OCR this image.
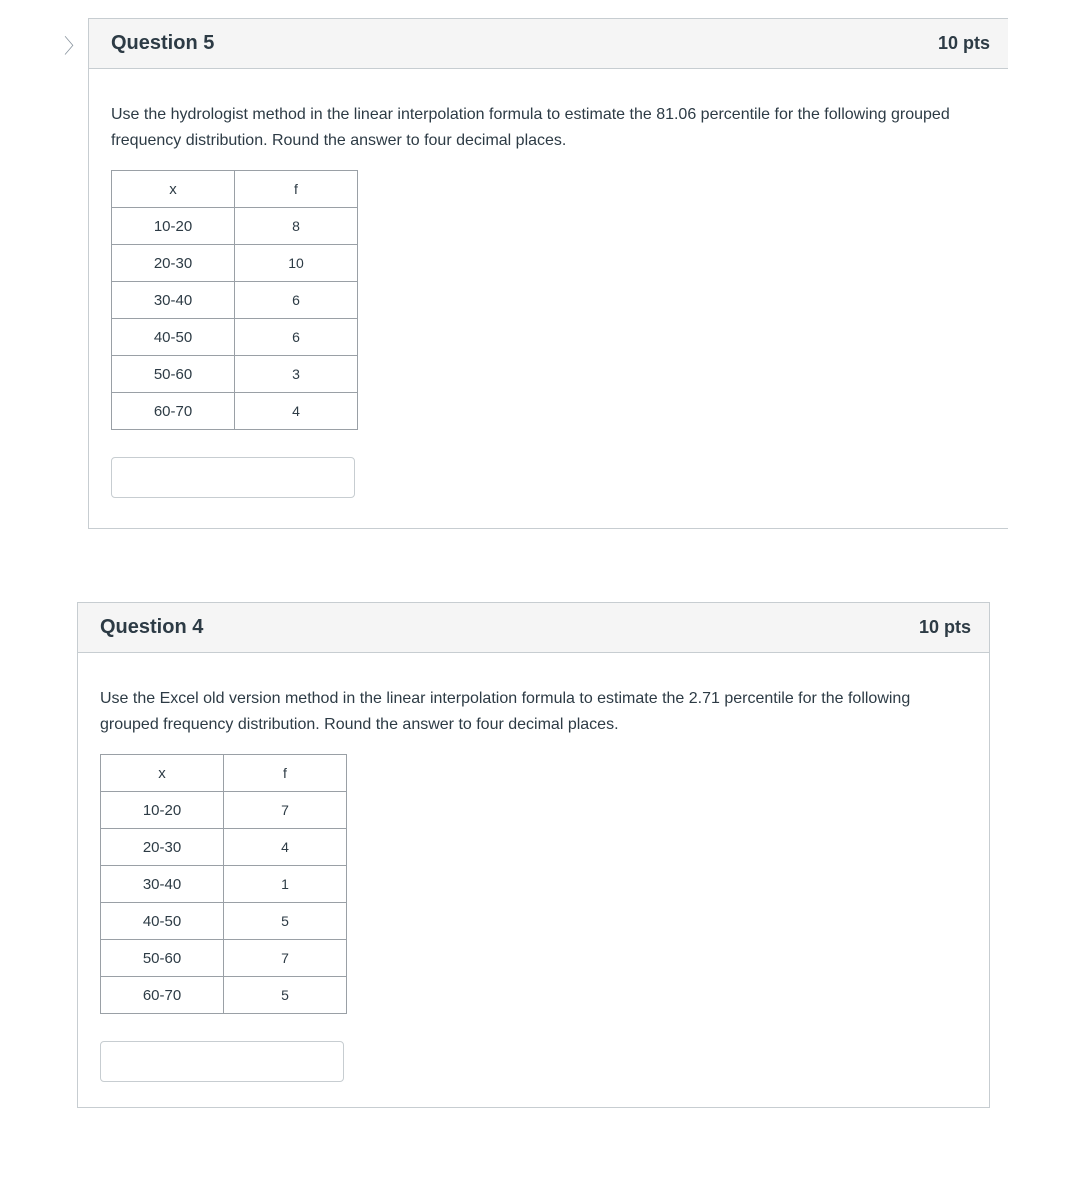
〉 Question 5	10 pts
Use the hydrologist method in the linear interpolation formula to estimate the 81.06 percentile for the following grouped frequency distribution. Round the answer to four decimal places.
x	f
10-20	8
20-30	10
30-40	6
40-50	6
50-60	3
60-70	4
Question 4	10 pts
Use the Excel old version method in the linear interpolation formula to estimate the 2.71 percentile for the following grouped frequency distribution. Round the answer to four decimal places.
x	f
10-20	7
20-30	4
30-40	1
40-50	5
50-60	7
60-70	5
